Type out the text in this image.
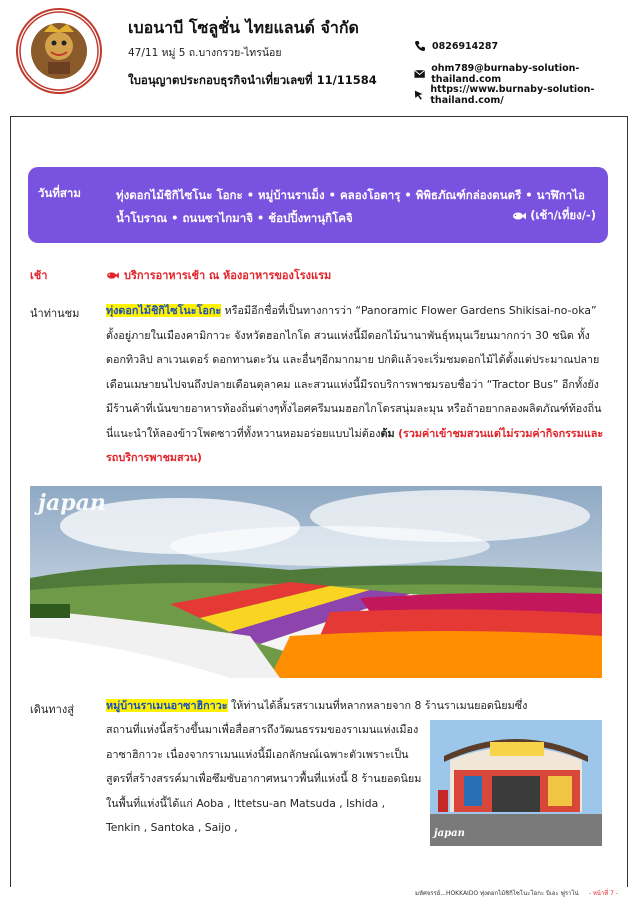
เบอนาบี โซลูชั่น ไทยแลนด์ จำกัด
47/11 หมู่ 5 ถ.บางกรวย-ไทรน้อย
ใบอนุญาตประกอบธุรกิจนำเที่ยวเลขที่ 11/11584
0826914287
ohm789@burnaby-solution-thailand.com
https://www.burnaby-solution-thailand.com/
วันที่สาม	ทุ่งดอกไม้ชิกิไซโนะ โอกะ • หมู่บ้านราเม็ง • คลองโอตารุ • พิพิธภัณฑ์กล่องดนตรี • นาฬิกาไอน้ำโบราณ • ถนนซาไกมาจิ • ช้อปปิ้งทานุกิโคจิ	(เช้า/เที่ยง/-)
เช้า	บริการอาหารเช้า ณ ห้องอาหารของโรงแรม
นำท่านชม ทุ่งดอกไม้ชิกิไซโนะโอกะ หรือมีอีกชื่อที่เป็นทางการว่า “Panoramic Flower Gardens Shikisai-no-oka” ตั้งอยู่ภายในเมืองคามิกาวะ จังหวัดฮอกไกโด สวนแห่งนี้มีดอกไม้นานาพันธุ์หมุนเวียนมากกว่า 30 ชนิด ทั้งดอกทิวลิป ลาเวนเดอร์ ดอกทานตะวัน และอื่นๆอีกมากมาย ปกติแล้วจะเริ่มชมดอกไม้ได้ตั้งแต่ประมาณปลายเดือนเมษายนไปจนถึงปลายเดือนตุลาคม และสวนแห่งนี้มีรถบริการพาชมรอบชื่อว่า “Tractor Bus” อีกทั้งยังมีร้านค้าที่เน้นขายอาหารท้องถิ่นต่างๆทั้งไอศครีมนมฮอกไกโดรสนุ่มละมุน หรือถ้าอยากลองผลิตภัณฑ์ท้องถิ่นนี่แนะนำให้ลองข้าวโพดซาวที่ทั้งหวานหอมอร่อยแบบไม่ต้องต้ม (รวมค่าเข้าชมสวนแต่ไม่รวมค่ากิจกรรมและรถบริการพาชมสวน)
japan
เดินทางสู่	หมู่บ้านราเมนอาซาฮิกาวะ ให้ท่านได้ลิ้มรสราเมนที่หลากหลายจาก 8 ร้านราเมนยอดนิยมซึ่ง
สถานที่แห่งนี้สร้างขึ้นมาเพื่อสื่อสารถึงวัฒนธรรมของราเมนแห่งเมืองอาซาฮิกาวะ เนื่องจากราเมนแห่งนี้มีเอกลักษณ์เฉพาะตัวเพราะเป็นสูตรที่สร้างสรรค์มาเพื่อซึมซับอากาศหนาวพื้นที่แห่งนี้ 8 ร้านยอดนิยมในพื้นที่แห่งนี้ได้แก่ Aoba , Ittetsu-an Matsuda , Ishida , Tenkin , Santoka , Saijo ,	japan
มหัศจรรย์...HOKKAIDO ทุ่งดอกไม้ชิกิไซโนะโอกะ บิเอะ ฟูราโน่ - หน้าที่ 7 -
